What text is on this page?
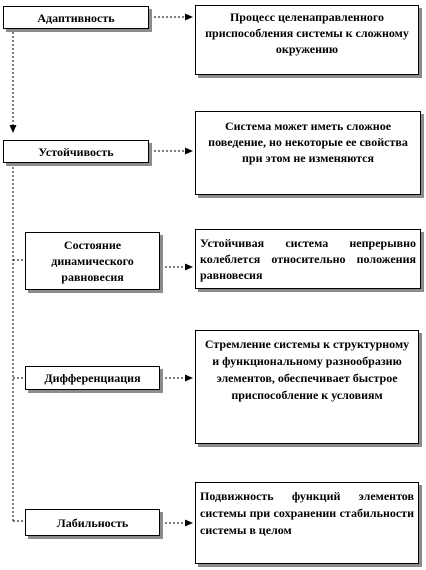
Адаптивность	Процесс целенаправленного приспособления системы к сложному окружению
Устойчивость
Система может иметь сложное поведение, но некоторые ее свойства при этом не изменяются
Состояние динамического равновесия
Устойчивая система непрерывно колеблется относительно положения равновесия
Дифференциация
Стремление системы к структурному и функциональному разнообразию элементов, обеспечивает быстрое приспособление к условиям
Лабильность
Подвижность функций элементов системы при сохранении стабильности системы в целом
